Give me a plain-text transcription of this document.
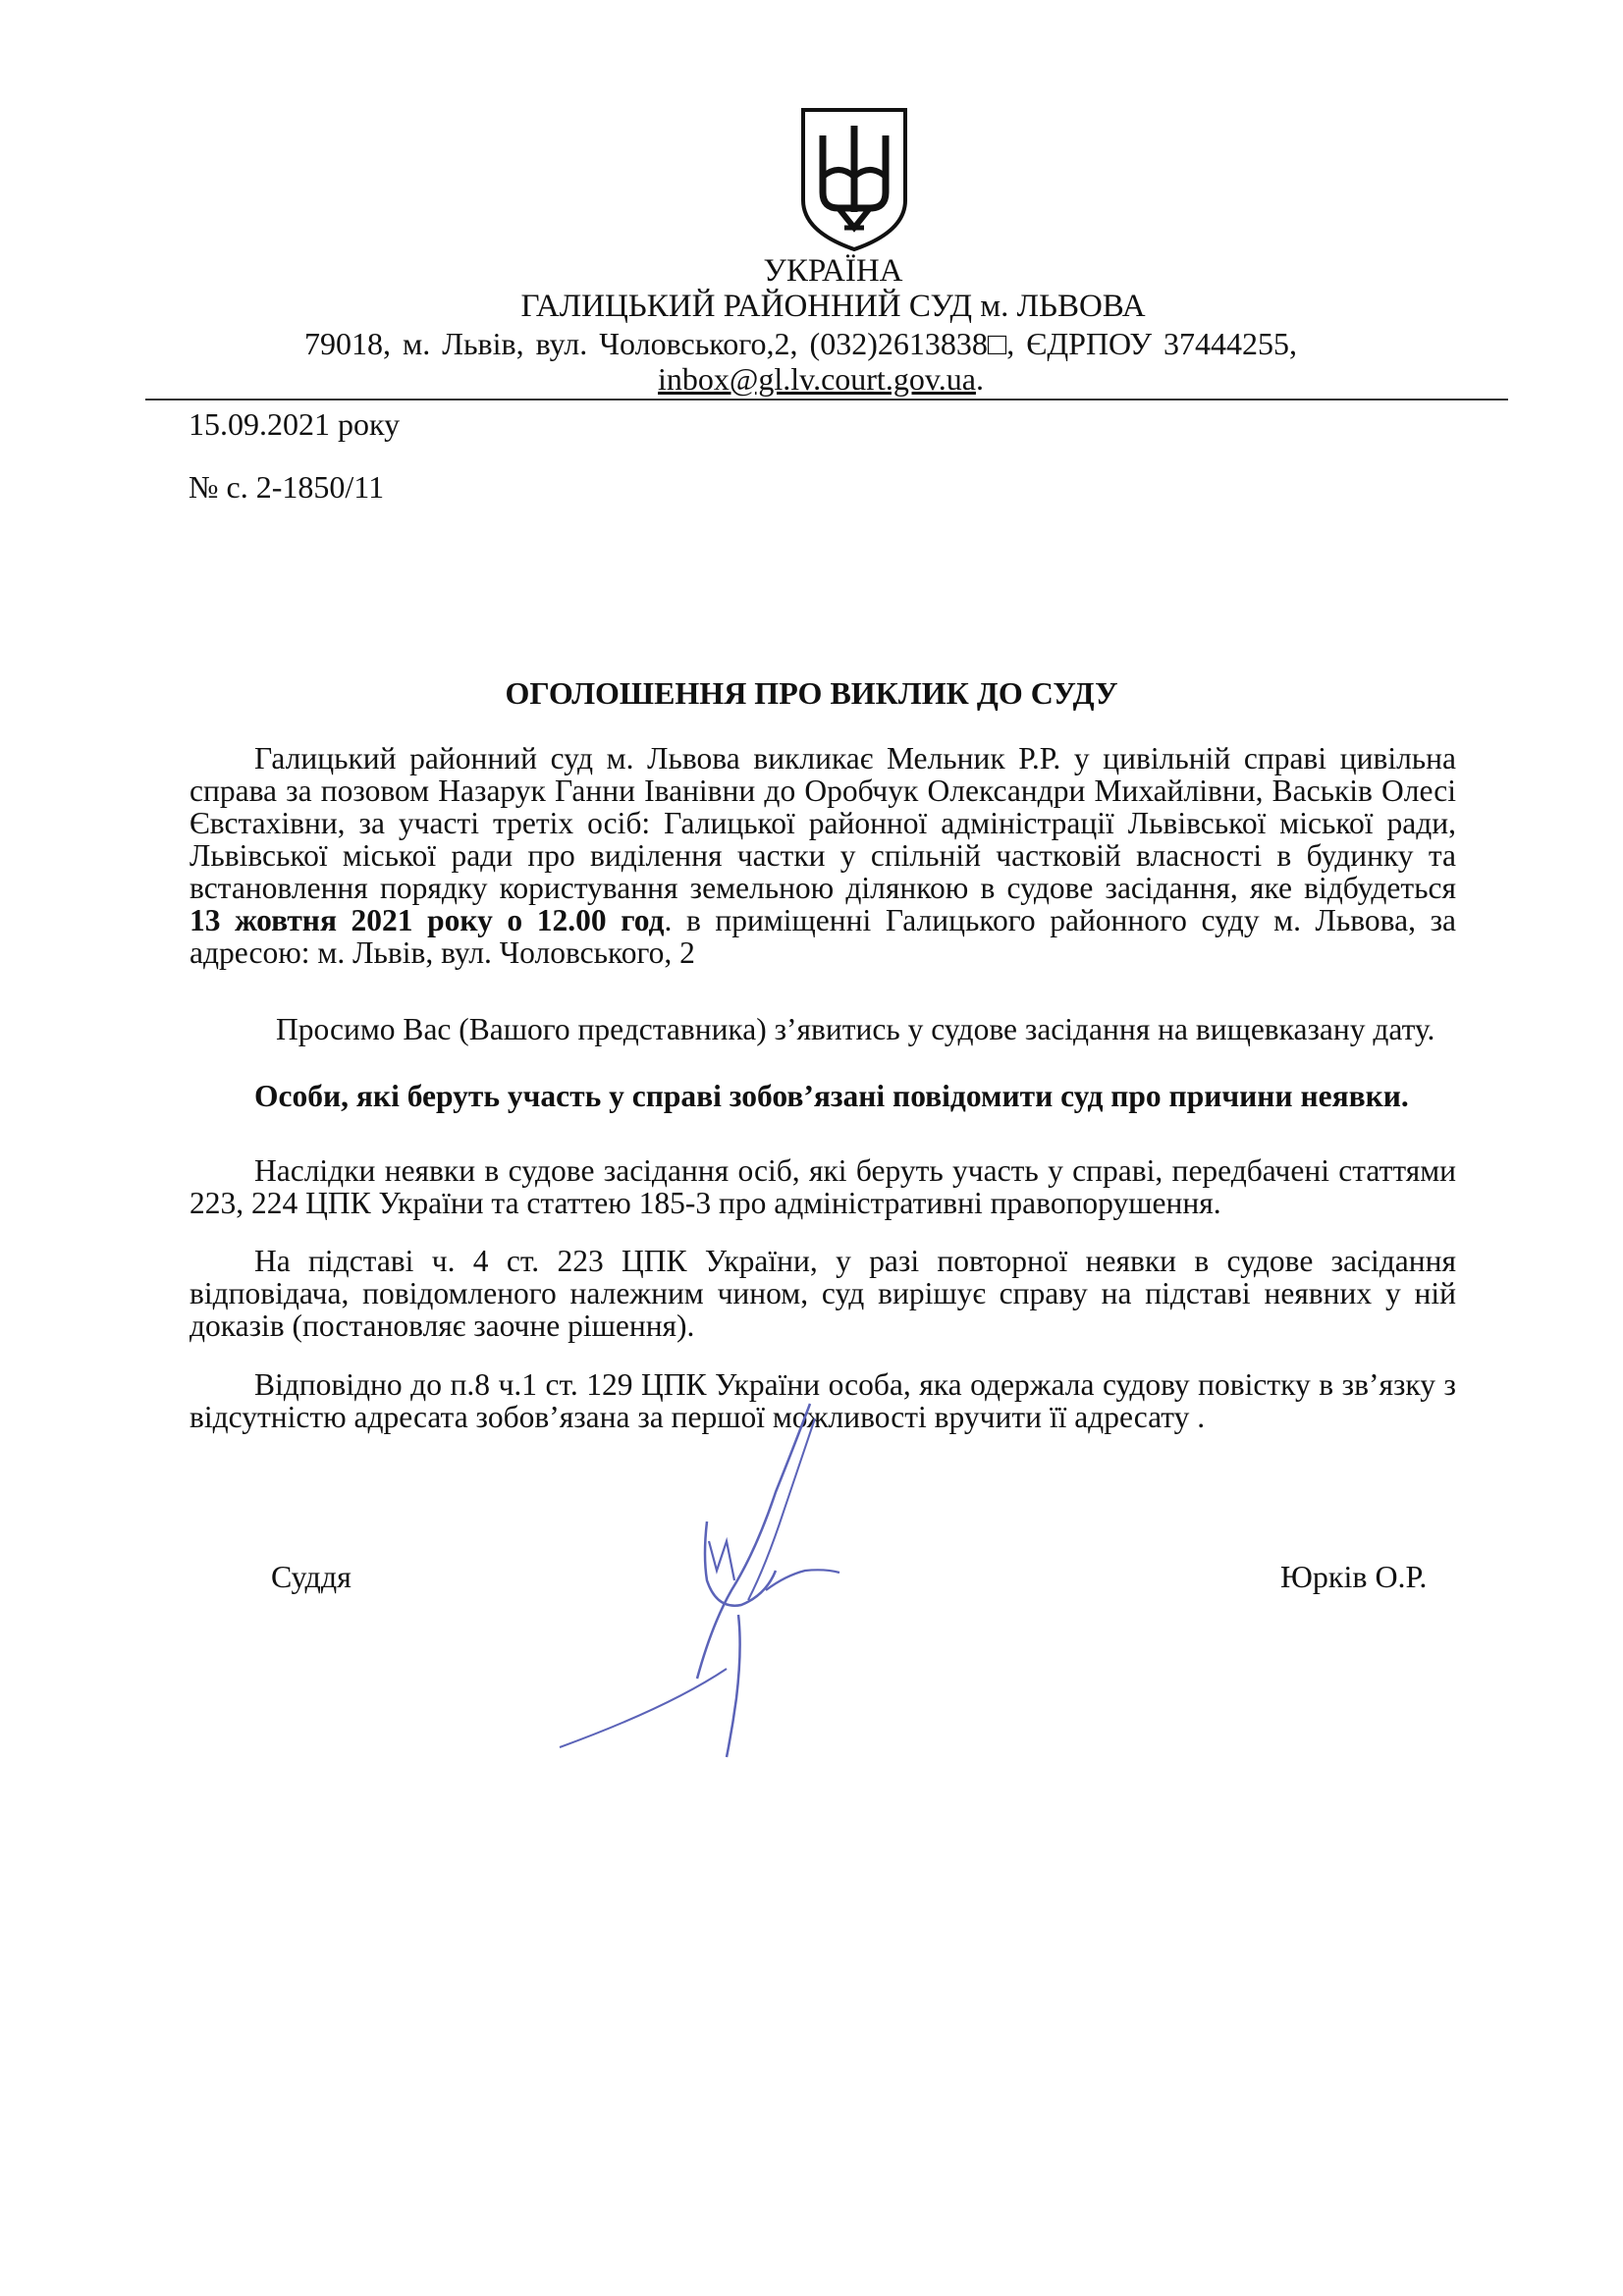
УКРАЇНА
ГАЛИЦЬКИЙ РАЙОННИЙ СУД м. ЛЬВОВА
79018, м. Львів, вул. Чоловського,2, (032)2613838□, ЄДРПОУ 37444255,
inbox@gl.lv.court.gov.ua.
15.09.2021 року
№ с. 2-1850/11
ОГОЛОШЕННЯ ПРО ВИКЛИК ДО СУДУ
Галицький районний суд м. Львова викликає Мельник Р.Р. у цивільній справі цивільна справа за позовом Назарук Ганни Іванівни до Оробчук Олександри Михайлівни, Васьків Олесі Євстахівни, за участі третіх осіб: Галицької районної адміністрації Львівської міської ради, Львівської міської ради про виділення частки у спільній частковій власності в будинку та встановлення порядку користування земельною ділянкою в судове засідання, яке відбудеться 13 жовтня 2021 року о 12.00 год. в приміщенні Галицького районного суду м. Львова, за адресою: м. Львів, вул. Чоловського, 2
Просимо Вас (Вашого представника) з’явитись у судове засідання на вищевказану дату.
Особи, які беруть участь у справі зобов’язані повідомити суд про причини неявки.
Наслідки неявки в судове засідання осіб, які беруть участь у справі, передбачені статтями 223, 224 ЦПК України та статтею 185-3 про адміністративні правопорушення.
На підставі ч. 4 ст. 223 ЦПК України, у разі повторної неявки в судове засідання відповідача, повідомленого належним чином, суд вирішує справу на підставі неявних у ній доказів (постановляє заочне рішення).
Відповідно до п.8 ч.1 ст. 129 ЦПК України особа, яка одержала судову повістку в зв’язку з відсутністю адресата зобов’язана за першої можливості вручити її адресату .
Суддя	Юрків О.Р.
